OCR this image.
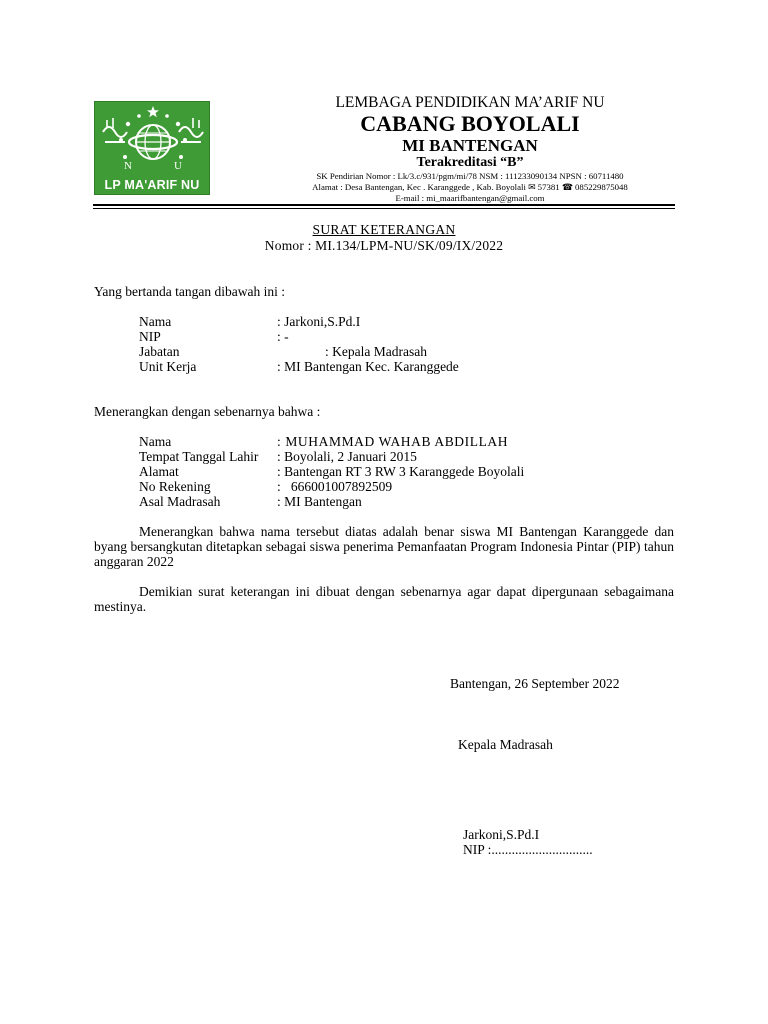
N	U
LP MA'ARIF NU
LEMBAGA PENDIDIKAN MA’ARIF NU
CABANG BOYOLALI
MI BANTENGAN
Terakreditasi “B”
SK Pendirian Nomor : Lk/3.c/931/pgm/mi/78 NSM : 111233090134 NPSN : 60711480
Alamat : Desa Bantengan, Kec . Karanggede , Kab. Boyolali ✉ 57381 ☎ 085229875048
E-mail : mi_maarifbantengan@gmail.com
SURAT KETERANGAN
Nomor : MI.134/LPM-NU/SK/09/IX/2022
Yang bertanda tangan dibawah ini :
Nama	: Jarkoni,S.Pd.I
NIP	: -
Jabatan	: Kepala Madrasah
Unit Kerja	: MI Bantengan Kec. Karanggede
Menerangkan dengan sebenarnya bahwa :
Nama	: MUHAMMAD WAHAB ABDILLAH
Tempat Tanggal Lahir : Boyolali, 2 Januari 2015
Alamat	: Bantengan RT 3 RW 3 Karanggede Boyolali
No Rekening	:   666001007892509
Asal Madrasah	: MI Bantengan
Menerangkan bahwa nama tersebut diatas adalah benar siswa MI Bantengan Karanggede dan byang bersangkutan ditetapkan sebagai siswa penerima Pemanfaatan Program Indonesia Pintar (PIP) tahun anggaran 2022
Demikian surat keterangan ini dibuat dengan sebenarnya agar dapat dipergunaan sebagaimana mestinya.
Bantengan, 26 September 2022
Kepala Madrasah
Jarkoni,S.Pd.I
NIP :..............................
